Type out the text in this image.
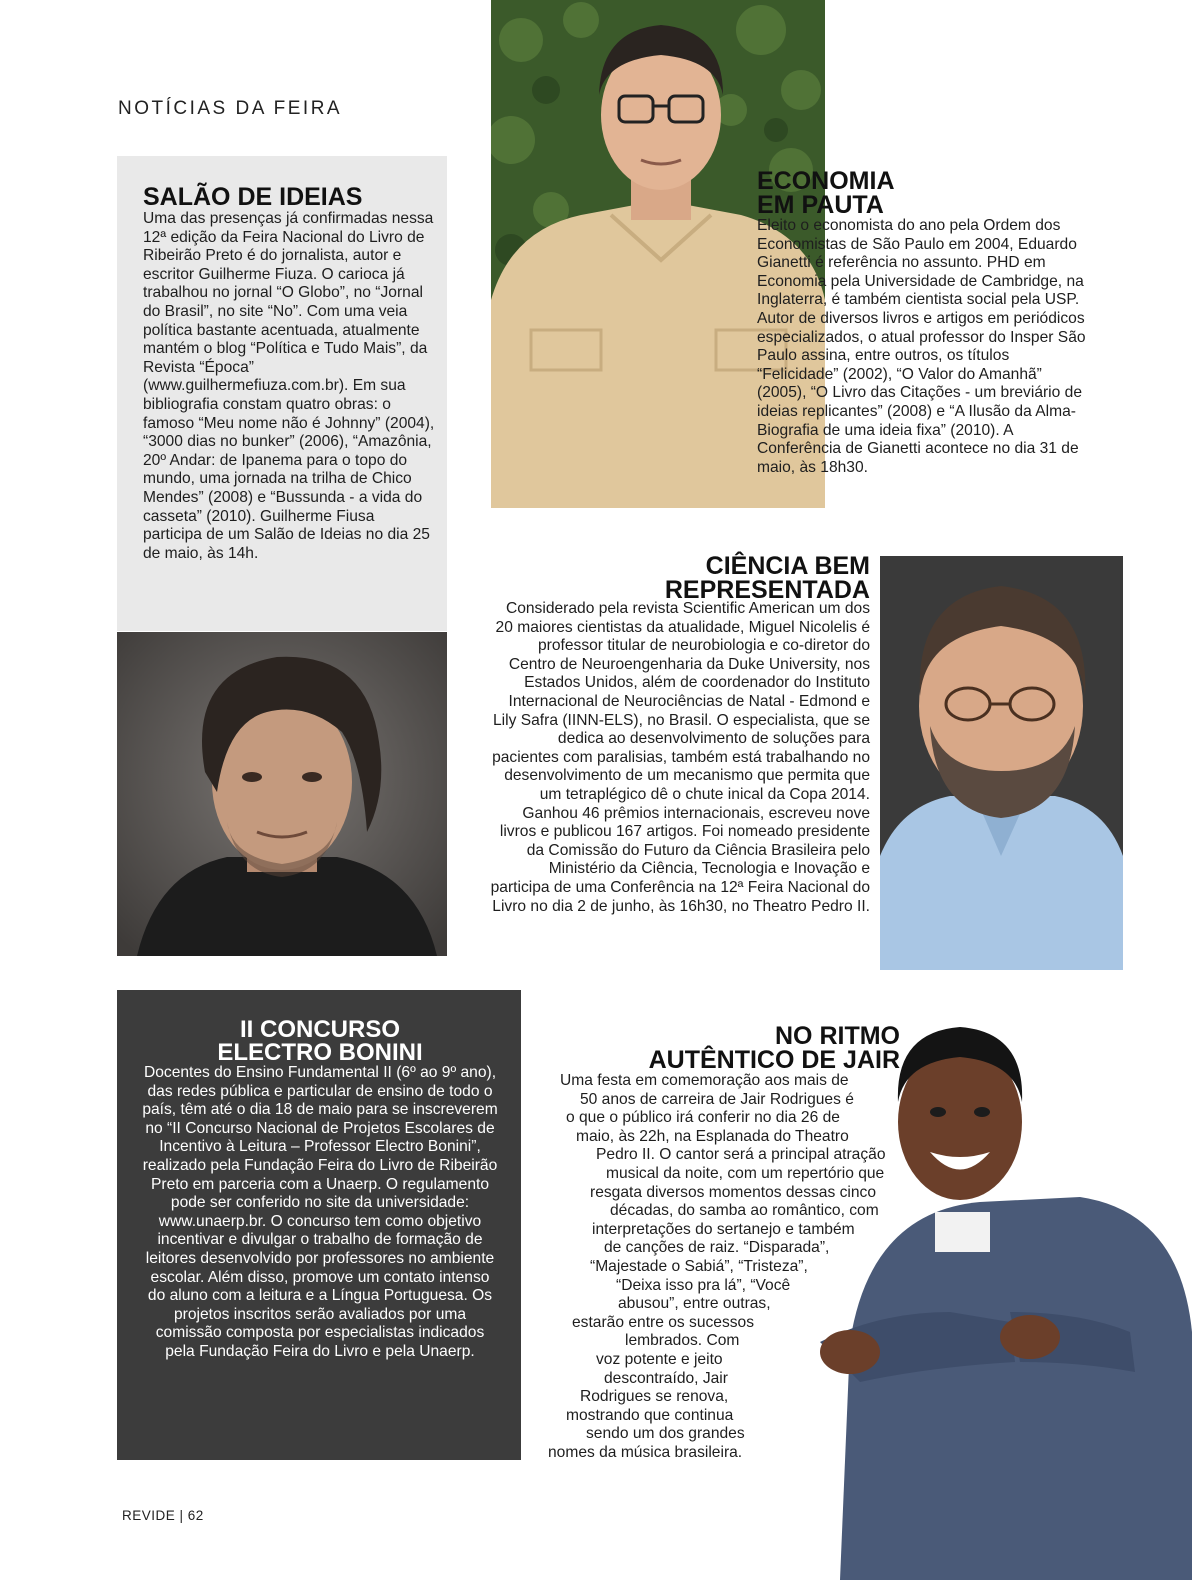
NOTÍCIAS DA FEIRA
SALÃO DE IDEIAS
Uma das presenças já confirmadas nessa 12ª edição da Feira Nacional do Livro de Ribeirão Preto é do jornalista, autor e escritor Guilherme Fiuza. O carioca já trabalhou no jornal “O Globo”, no “Jornal do Brasil”, no site “No”. Com uma veia política bastante acentuada, atualmente mantém o blog “Política e Tudo Mais”, da Revista “Época” (www.guilhermefiuza.com.br). Em sua bibliografia constam quatro obras: o famoso “Meu nome não é Johnny” (2004), “3000 dias no bunker” (2006), “Amazônia, 20º Andar: de Ipanema para o topo do mundo, uma jornada na trilha de Chico Mendes” (2008) e “Bussunda - a vida do casseta” (2010). Guilherme Fiusa participa de um Salão de Ideias no dia 25 de maio, às 14h.
ECONOMIA
EM PAUTA
Eleito o economista do ano pela Ordem dos Economistas de São Paulo em 2004, Eduardo Gianetti é referência no assunto. PHD em Economia pela Universidade de Cambridge, na Inglaterra, é também cientista social pela USP. Autor de diversos livros e artigos em periódicos especializados, o atual professor do Insper São Paulo assina, entre outros, os títulos “Felicidade” (2002), “O Valor do Amanhã” (2005), “O Livro das Citações - um breviário de ideias replicantes” (2008) e “A Ilusão da Alma- Biografia de uma ideia fixa” (2010). A Conferência de Gianetti acontece no dia 31 de maio, às 18h30.
CIÊNCIA BEM
REPRESENTADA
Considerado pela revista Scientific American um dos 20 maiores cientistas da atualidade, Miguel Nicolelis é professor titular de neurobiologia e co-diretor do Centro de Neuroengenharia da Duke University, nos Estados Unidos, além de coordenador do Instituto Internacional de Neurociências de Natal - Edmond e Lily Safra (IINN-ELS), no Brasil. O especialista, que se dedica ao desenvolvimento de soluções para pacientes com paralisias, também está trabalhando no desenvolvimento de um mecanismo que permita que um tetraplégico dê o chute inical da Copa 2014. Ganhou 46 prêmios internacionais, escreveu nove livros e publicou 167 artigos. Foi nomeado presidente da Comissão do Futuro da Ciência Brasileira pelo Ministério da Ciência, Tecnologia e Inovação e participa de uma Conferência na 12ª Feira Nacional do Livro no dia 2 de junho, às 16h30, no Theatro Pedro II.
II CONCURSO
ELECTRO BONINI
Docentes do Ensino Fundamental II (6º ao 9º ano), das redes pública e particular de ensino de todo o país, têm até o dia 18 de maio para se inscreverem no “II Concurso Nacional de Projetos Escolares de Incentivo à Leitura – Professor Electro Bonini”, realizado pela Fundação Feira do Livro de Ribeirão Preto em parceria com a Unaerp. O regulamento pode ser conferido no site da universidade: www.unaerp.br. O concurso tem como objetivo incentivar e divulgar o trabalho de formação de leitores desenvolvido por professores no ambiente escolar. Além disso, promove um contato intenso do aluno com a leitura e a Língua Portuguesa. Os projetos inscritos serão avaliados por uma comissão composta por especialistas indicados pela Fundação Feira do Livro e pela Unaerp.
NO RITMO
AUTÊNTICO DE JAIR
Uma festa em comemoração aos mais de
50 anos de carreira de Jair Rodrigues é
o que o público irá conferir no dia 26 de
maio, às 22h, na Esplanada do Theatro
Pedro II. O cantor será a principal atração
musical da noite, com um repertório que
resgata diversos momentos dessas cinco
décadas, do samba ao romântico, com
interpretações do sertanejo e também
de canções de raiz. “Disparada”,
“Majestade o Sabiá”, “Tristeza”,
“Deixa isso pra lá”, “Você
abusou”, entre outras,
estarão entre os sucessos
lembrados. Com
voz potente e jeito
descontraído, Jair
Rodrigues se renova,
mostrando que continua
sendo um dos grandes
nomes da música brasileira.
REVIDE | 62
